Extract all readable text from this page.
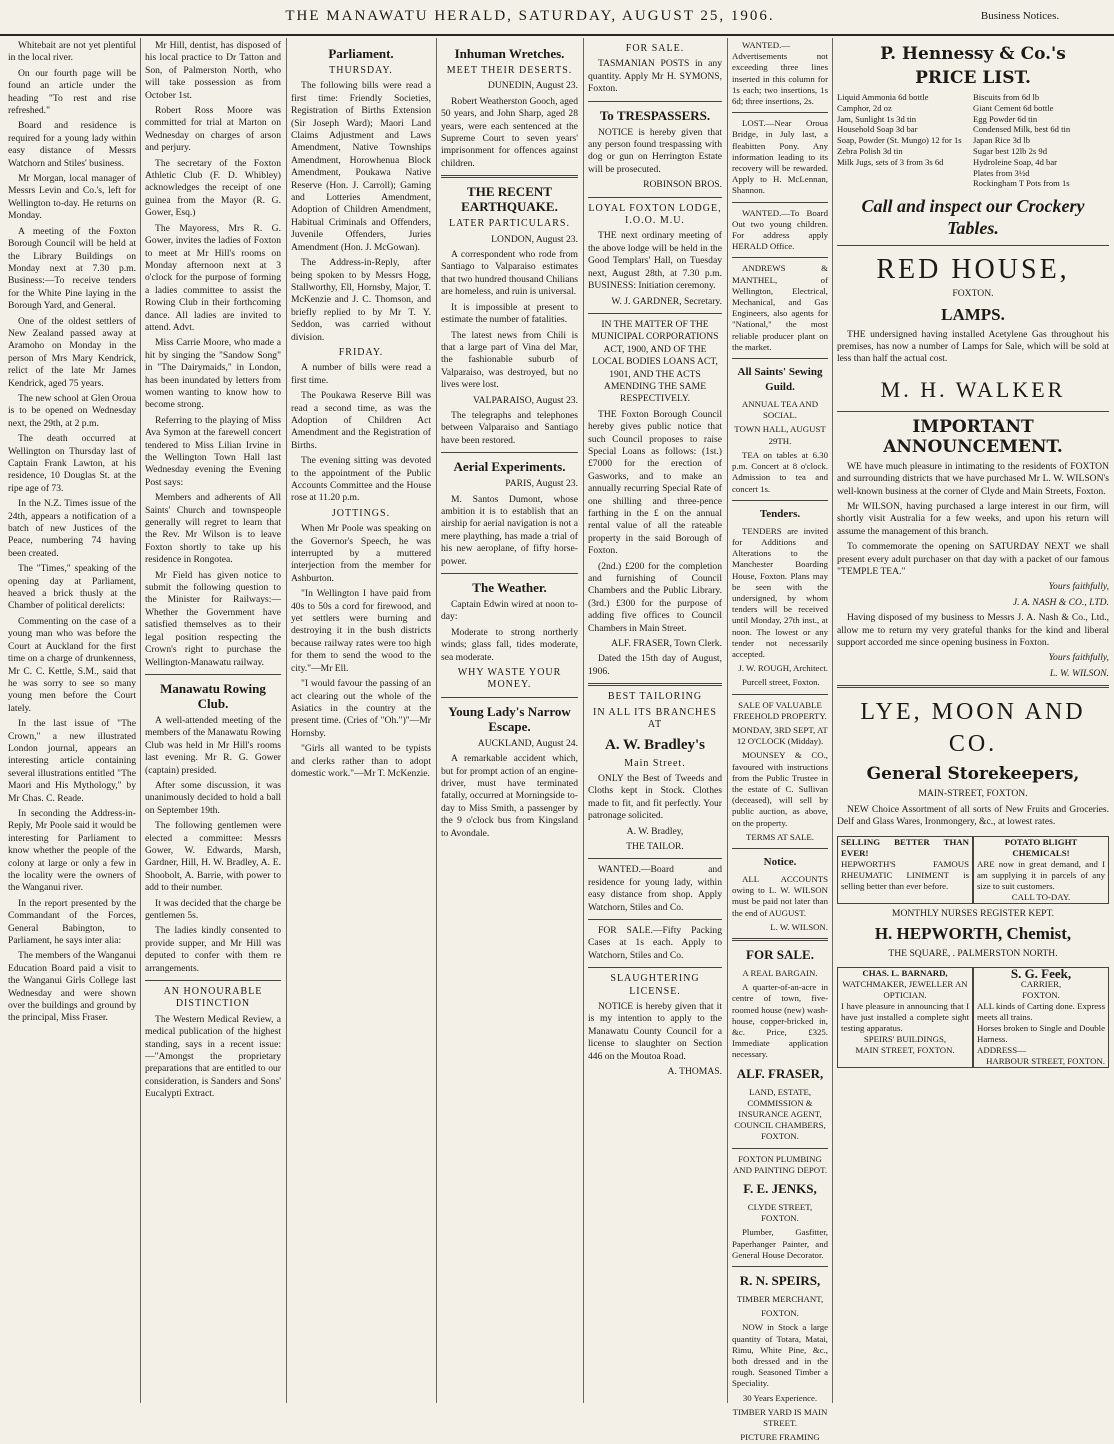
THE MANAWATU HERALD, SATURDAY, AUGUST 25, 1906.	Business Notices.

Whitebait are not yet plentiful in the local river.

On our fourth page will be found an article under the heading "To rest and rise refreshed."

Board and residence is required for a young lady within easy distance of Messrs Watchorn and Stiles' business.

Mr Morgan, local manager of Messrs Levin and Co.'s, left for Wellington to-day. He returns on Monday.

A meeting of the Foxton Borough Council will be held at the Library Buildings on Monday next at 7.30 p.m. Business:—To receive tenders for the White Pine laying in the Borough Yard, and General.

One of the oldest settlers of New Zealand passed away at Aramoho on Monday in the person of Mrs Mary Kendrick, relict of the late Mr James Kendrick, aged 75 years.

The new school at Glen Oroua is to be opened on Wednesday next, the 29th, at 2 p.m.

The death occurred at Wellington on Thursday last of Captain Frank Lawton, at his residence, 10 Douglas St. at the ripe age of 73.

In the N.Z. Times issue of the 24th, appears a notification of a batch of new Justices of the Peace, numbering 74 having been created.

The "Times," speaking of the opening day at Parliament, heaved a brick thusly at the Chamber of political derelicts:

Commenting on the case of a young man who was before the Court at Auckland for the first time on a charge of drunkenness, Mr C. C. Kettle, S.M., said that he was sorry to see so many young men before the Court lately.

In the last issue of "The Crown," a new illustrated London journal, appears an interesting article containing several illustrations entitled "The Maori and His Mythology," by Mr Chas. C. Reade.

In seconding the Address-in-Reply, Mr Poole said it would be interesting for Parliament to know whether the people of the colony at large or only a few in the locality were the owners of the Wanganui river.

In the report presented by the Commandant of the Forces, General Babington, to Parliament, he says inter alia:

The members of the Wanganui Education Board paid a visit to the Wanganui Girls College last Wednesday and were shown over the buildings and ground by the principal, Miss Fraser.

Mr Hill, dentist, has disposed of his local practice to Dr Tatton and Son, of Palmerston North, who will take possession as from October 1st.

Robert Ross Moore was committed for trial at Marton on Wednesday on charges of arson and perjury.

The secretary of the Foxton Athletic Club (F. D. Whibley) acknowledges the receipt of one guinea from the Mayor (R. G. Gower, Esq.)

The Mayoress, Mrs R. G. Gower, invites the ladies of Foxton to meet at Mr Hill's rooms on Monday afternoon next at 3 o'clock for the purpose of forming a ladies committee to assist the Rowing Club in their forthcoming dance. All ladies are invited to attend. Advt.

Miss Carrie Moore, who made a hit by singing the "Sandow Song" in "The Dairymaids," in London, has been inundated by letters from women wanting to know how to become strong.

Referring to the playing of Miss Ava Symon at the farewell concert tendered to Miss Lilian Irvine in the Wellington Town Hall last Wednesday evening the Evening Post says:

Members and adherents of All Saints' Church and townspeople generally will regret to learn that the Rev. Mr Wilson is to leave Foxton shortly to take up his residence in Rongotea.

Mr Field has given notice to submit the following question to the Minister for Railways:—Whether the Government have satisfied themselves as to their legal position respecting the Crown's right to purchase the Wellington-Manawatu railway.

Manawatu Rowing Club.

A well-attended meeting of the members of the Manawatu Rowing Club was held in Mr Hill's rooms last evening. Mr R. G. Gower (captain) presided.

After some discussion, it was unanimously decided to hold a ball on September 19th.

The following gentlemen were elected a committee: Messrs Gower, W. Edwards, Marsh, Gardner, Hill, H. W. Bradley, A. E. Shoobolt, A. Barrie, with power to add to their number.

It was decided that the charge be gentlemen 5s.

The ladies kindly consented to provide supper, and Mr Hill was deputed to confer with them re arrangements.

AN HONOURABLE DISTINCTION

The Western Medical Review, a medical publication of the highest standing, says in a recent issue:—"Amongst the proprietary preparations that are entitled to our consideration, is Sanders and Sons' Eucalypti Extract.

Parliament.
THURSDAY.

The following bills were read a first time: Friendly Societies, Registration of Births Extension (Sir Joseph Ward); Maori Land Claims Adjustment and Laws Amendment, Native Townships Amendment, Horowhenua Block Amendment, Poukawa Native Reserve (Hon. J. Carroll); Gaming and Lotteries Amendment, Adoption of Children Amendment, Habitual Criminals and Offenders, Juvenile Offenders, Juries Amendment (Hon. J. McGowan).

The Address-in-Reply, after being spoken to by Messrs Hogg, Stallworthy, Ell, Hornsby, Major, T. McKenzie and J. C. Thomson, and briefly replied to by Mr T. Y. Seddon, was carried without division.

FRIDAY.

A number of bills were read a first time.

The Poukawa Reserve Bill was read a second time, as was the Adoption of Children Act Amendment and the Registration of Births.

The evening sitting was devoted to the appointment of the Public Accounts Committee and the House rose at 11.20 p.m.

JOTTINGS.

When Mr Poole was speaking on the Governor's Speech, he was interrupted by a muttered interjection from the member for Ashburton.

"In Wellington I have paid from 40s to 50s a cord for firewood, and yet settlers were burning and destroying it in the bush districts because railway rates were too high for them to send the wood to the city."—Mr Ell.

"I would favour the passing of an act clearing out the whole of the Asiatics in the country at the present time. (Cries of "Oh.")"—Mr Hornsby.

"Girls all wanted to be typists and clerks rather than to adopt domestic work."—Mr T. McKenzie.

Inhuman Wretches.
MEET THEIR DESERTS.

DUNEDIN, August 23.

Robert Weatherston Gooch, aged 50 years, and John Sharp, aged 28 years, were each sentenced at the Supreme Court to seven years' imprisonment for offences against children.

THE RECENT EARTHQUAKE.
LATER PARTICULARS.

LONDON, August 23.

A correspondent who rode from Santiago to Valparaiso estimates that two hundred thousand Chilians are homeless, and ruin is universal.

It is impossible at present to estimate the number of fatalities.

The latest news from Chili is that a large part of Vina del Mar, the fashionable suburb of Valparaiso, was destroyed, but no lives were lost.

VALPARAISO, August 23.

The telegraphs and telephones between Valparaiso and Santiago have been restored.

Aerial Experiments.

PARIS, August 23.

M. Santos Dumont, whose ambition it is to establish that an airship for aerial navigation is not a mere plaything, has made a trial of his new aeroplane, of fifty horse-power.

The Weather.

Captain Edwin wired at noon to-day:

Moderate to strong northerly winds; glass fall, tides moderate, sea moderate.

WHY WASTE YOUR MONEY.
Young Lady's Narrow Escape.

AUCKLAND, August 24.

A remarkable accident which, but for prompt action of an engine-driver, must have terminated fatally, occurred at Morningside to-day to Miss Smith, a passenger by the 9 o'clock bus from Kingsland to Avondale.

FOR SALE.

TASMANIAN POSTS in any quantity. Apply Mr H. SYMONS, Foxton.

To TRESPASSERS.

NOTICE is hereby given that any person found trespassing with dog or gun on Herrington Estate will be prosecuted.

ROBINSON BROS.

LOYAL FOXTON LODGE, I.O.O. M.U.

THE next ordinary meeting of the above lodge will be held in the Good Templars' Hall, on Tuesday next, August 28th, at 7.30 p.m. BUSINESS: Initiation ceremony.

W. J. GARDNER, Secretary.

IN THE MATTER OF THE MUNICIPAL CORPORATIONS ACT, 1900, AND OF THE LOCAL BODIES LOANS ACT, 1901, AND THE ACTS AMENDING THE SAME RESPECTIVELY.

THE Foxton Borough Council hereby gives public notice that such Council proposes to raise Special Loans as follows: (1st.) £7000 for the erection of Gasworks, and to make an annually recurring Special Rate of one shilling and three-pence farthing in the £ on the annual rental value of all the rateable property in the said Borough of Foxton.

(2nd.) £200 for the completion and furnishing of Council Chambers and the Public Library. (3rd.) £300 for the purpose of adding five offices to Council Chambers in Main Street.

ALF. FRASER, Town Clerk.

Dated the 15th day of August, 1906.

BEST TAILORING
IN ALL ITS BRANCHES AT
A. W. Bradley's
Main Street.

ONLY the Best of Tweeds and Cloths kept in Stock. Clothes made to fit, and fit perfectly. Your patronage solicited.

A. W. Bradley,

THE TAILOR.

WANTED.—Board and residence for young lady, within easy distance from shop. Apply Watchorn, Stiles and Co.

FOR SALE.—Fifty Packing Cases at 1s each. Apply to Watchorn, Stiles and Co.

SLAUGHTERING LICENSE.

NOTICE is hereby given that it is my intention to apply to the Manawatu County Council for a license to slaughter on Section 446 on the Moutoa Road.

A. THOMAS.

WANTED.—Advertisements not exceeding three lines inserted in this column for 1s each; two insertions, 1s 6d; three insertions, 2s.

LOST.—Near Oroua Bridge, in July last, a fleabitten Pony. Any information leading to its recovery will be rewarded. Apply to H. McLennan, Shannon.

WANTED.—To Board Out two young children. For address apply HERALD Office.

ANDREWS & MANTHEL, of Wellington, Electrical, Mechanical, and Gas Engineers, also agents for "National," the most reliable producer plant on the market.

All Saints' Sewing Guild.

ANNUAL TEA AND SOCIAL.

TOWN HALL, AUGUST 29TH.

TEA on tables at 6.30 p.m. Concert at 8 o'clock. Admission to tea and concert 1s.

Tenders.

TENDERS are invited for Additions and Alterations to the Manchester Boarding House, Foxton. Plans may be seen with the undersigned, by whom tenders will be received until Monday, 27th inst., at noon. The lowest or any tender not necessarily accepted.

J. W. ROUGH, Architect.

Purcell street, Foxton.

SALE OF VALUABLE FREEHOLD PROPERTY.

MONDAY, 3RD SEPT, AT 12 O'CLOCK (Midday).

MOUNSEY & CO., favoured with instructions from the Public Trustee in the estate of C. Sullivan (deceased), will sell by public auction, as above, on the property.

TERMS AT SALE.

Notice.

ALL ACCOUNTS owing to L. W. WILSON must be paid not later than the end of AUGUST.

L. W. WILSON.

FOR SALE.

A REAL BARGAIN.

A quarter-of-an-acre in centre of town, five-roomed house (new) wash-house, copper-bricked in, &c. Price, £325. Immediate application necessary.

ALF. FRASER,

LAND, ESTATE, COMMISSION & INSURANCE AGENT, COUNCIL CHAMBERS, FOXTON.

FOXTON PLUMBING AND PAINTING DEPOT.

F. E. JENKS,

CLYDE STREET, FOXTON.

Plumber, Gasfitter, Paperhanger Painter, and General House Decorator.

R. N. SPEIRS,

TIMBER MERCHANT,

FOXTON.

NOW in Stock a large quantity of Totara, Matai, Rimu, White Pine, &c., both dressed and in the rough. Seasoned Timber a Speciality.

30 Years Experience.

TIMBER YARD IS MAIN STREET.

PICTURE FRAMING

P. Hennessy & Co.'s
PRICE LIST.
Liquid Ammonia 6d bottle
Camphor, 2d oz
Jam, Sunlight 1s 3d tin
Household Soap 3d bar
Soap, Powder (St. Mungo) 12 for 1s
Zebra Polish 3d tin
Milk Jugs, sets of 3 from 3s 6d
Biscuits from 6d lb
Giant Cement 6d bottle
Egg Powder 6d tin
Condensed Milk, best 6d tin
Japan Rice 3d lb
Sugar best 12lb 2s 9d
Hydroleine Soap, 4d bar
Plates from 3½d
Rockingham T Pots from 1s
Call and inspect our Crockery Tables.
RED HOUSE,

FOXTON.

LAMPS.

THE undersigned having installed Acetylene Gas throughout his premises, has now a number of Lamps for Sale, which will be sold at less than half the actual cost.

M. H. WALKER
IMPORTANT ANNOUNCEMENT.

WE have much pleasure in intimating to the residents of FOXTON and surrounding districts that we have purchased Mr L. W. WILSON's well-known business at the corner of Clyde and Main Streets, Foxton.

Mr WILSON, having purchased a large interest in our firm, will shortly visit Australia for a few weeks, and upon his return will assume the management of this branch.

To commemorate the opening on SATURDAY NEXT we shall present every adult purchaser on that day with a packet of our famous "TEMPLE TEA."

Yours faithfully,

J. A. NASH & CO., LTD.

Having disposed of my business to Messrs J. A. Nash & Co., Ltd., allow me to return my very grateful thanks for the kind and liberal support accorded me since opening business in Foxton.

Yours faithfully,

L. W. WILSON.

LYE, MOON AND CO.
General Storekeepers,

MAIN-STREET, FOXTON.

NEW Choice Assortment of all sorts of New Fruits and Groceries. Delf and Glass Wares, Ironmongery, &c., at lowest rates.

SELLING BETTER THAN EVER!
HEPWORTH'S FAMOUS RHEUMATIC LINIMENT is selling better than ever before.
POTATO BLIGHT CHEMICALS!
ARE now in great demand, and I am supplying it in parcels of any size to suit customers.
CALL TO-DAY.

MONTHLY NURSES REGISTER KEPT.

H. HEPWORTH, Chemist,

THE SQUARE, . PALMERSTON NORTH.

CHAS. L. BARNARD,
WATCHMAKER, JEWELLER AN OPTICIAN.
I have pleasure in announcing that I have just installed a complete sight testing apparatus.
SPEIRS' BUILDINGS,
MAIN STREET, FOXTON.
S. G. Feek,
CARRIER,
FOXTON.
ALL kinds of Carting done. Express meets all trains.
Horses broken to Single and Double Harness.
ADDRESS—
HARBOUR STREET, FOXTON.
